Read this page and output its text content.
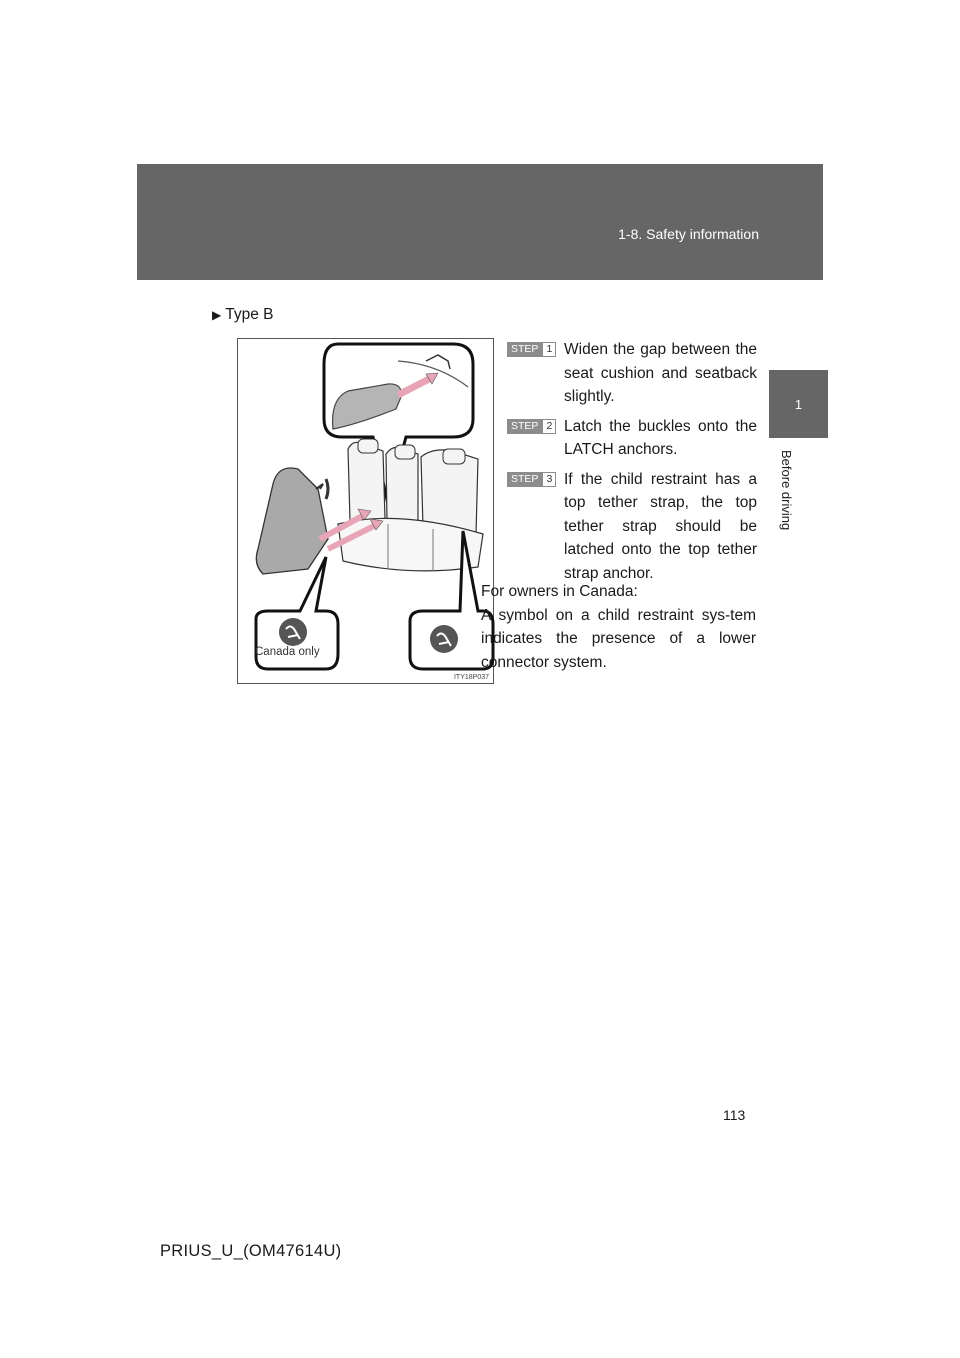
1-8. Safety information
1
Before driving
▶ Type B
Canada only
ITY18P037
STEP 1 Widen the gap between the seat cushion and seatback slightly.
STEP 2 Latch the buckles onto the LATCH anchors.
STEP 3 If the child restraint has a top tether strap, the top tether strap should be latched onto the top tether strap anchor.

For owners in Canada:

A symbol on a child restraint sys-tem indicates the presence of a lower connector system.

113
PRIUS_U_(OM47614U)
